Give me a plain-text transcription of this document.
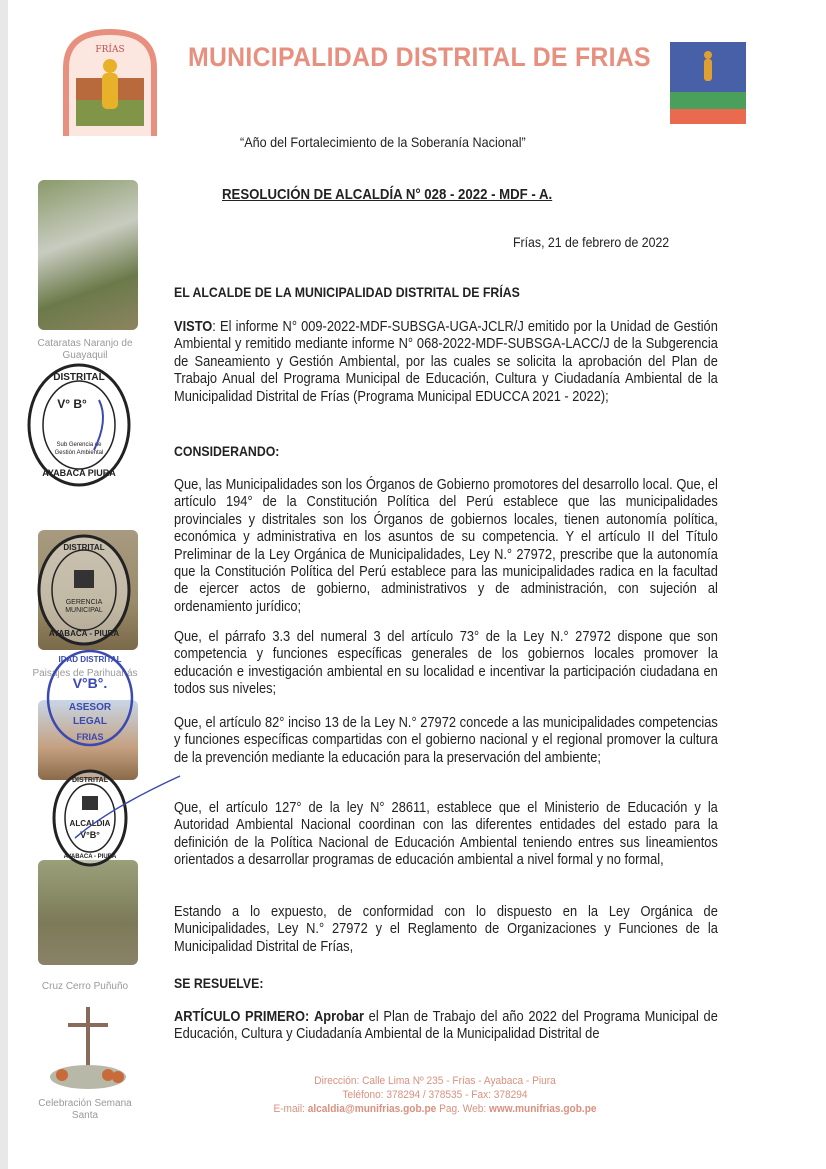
FRÍAS MUNICIPALIDAD DISTRITAL DE FRIAS
“Año del Fortalecimiento de la Soberanía Nacional”
RESOLUCIÓN DE ALCALDÍA N° 028 - 2022 - MDF - A.
Frías, 21 de febrero de 2022
EL ALCALDE DE LA MUNICIPALIDAD DISTRITAL DE FRÍAS
VISTO: El informe N° 009-2022-MDF-SUBSGA-UGA-JCLR/J emitido por la Unidad de Gestión Ambiental y remitido mediante informe N° 068-2022-MDF-SUBSGA-LACC/J de la Subgerencia de Saneamiento y Gestión Ambiental, por las cuales se solicita la aprobación del Plan de Trabajo Anual del Programa Municipal de Educación, Cultura y Ciudadanía Ambiental de la Municipalidad Distrital de Frías (Programa Municipal EDUCCA 2021 - 2022);
CONSIDERANDO:
Que, las Municipalidades son los Órganos de Gobierno promotores del desarrollo local. Que, el artículo 194° de la Constitución Política del Perú establece que las municipalidades provinciales y distritales son los Órganos de gobiernos locales, tienen autonomía política, económica y administrativa en los asuntos de su competencia. Y el artículo II del Título Preliminar de la Ley Orgánica de Municipalidades, Ley N.° 27972, prescribe que la autonomía que la Constitución Política del Perú establece para las municipalidades radica en la facultad de ejercer actos de gobierno, administrativos y de administración, con sujeción al ordenamiento jurídico;
Que, el párrafo 3.3 del numeral 3 del artículo 73° de la Ley N.° 27972 dispone que son competencia y funciones específicas generales de los gobiernos locales promover la educación e investigación ambiental en su localidad e incentivar la participación ciudadana en todos sus niveles;
Que, el artículo 82° inciso 13 de la Ley N.° 27972 concede a las municipalidades competencias y funciones específicas compartidas con el gobierno nacional y el regional promover la cultura de la prevención mediante la educación para la preservación del ambiente;
Que, el artículo 127° de la ley N° 28611, establece que el Ministerio de Educación y la Autoridad Ambiental Nacional coordinan con las diferentes entidades del estado para la definición de la Política Nacional de Educación Ambiental teniendo entres sus lineamientos orientados a desarrollar programas de educación ambiental a nivel formal y no formal,
Estando a lo expuesto, de conformidad con lo dispuesto en la Ley Orgánica de Municipalidades, Ley N.° 27972 y el Reglamento de Organizaciones y Funciones de la Municipalidad Distrital de Frías,
SE RESUELVE:
ARTÍCULO PRIMERO: Aprobar el Plan de Trabajo del año 2022 del Programa Municipal de Educación, Cultura y Ciudadanía Ambiental de la Municipalidad Distrital de
Cataratas Naranjo de Guayaquil
Paisajes de Parihuanás
Cruz Cerro Puñuño
Celebración Semana Santa
DISTRITAL
V° B°
Sub Gerencia de
Gestión Ambiental
AYABACA PIURA
DISTRITAL
GERENCIA
MUNICIPAL
AYABACA - PIURA
IDAD DISTRITAL
V°B°.
ASESOR
LEGAL
FRIAS
DISTRITAL
ALCALDIA
V°B°
AYABACA - PIURA
Dirección: Calle Lima Nº 235 - Frías - Ayabaca - Piura
Teléfono: 378294 / 378535 - Fax: 378294
E-mail: alcaldia@munifrias.gob.pe Pag. Web: www.munifrias.gob.pe
